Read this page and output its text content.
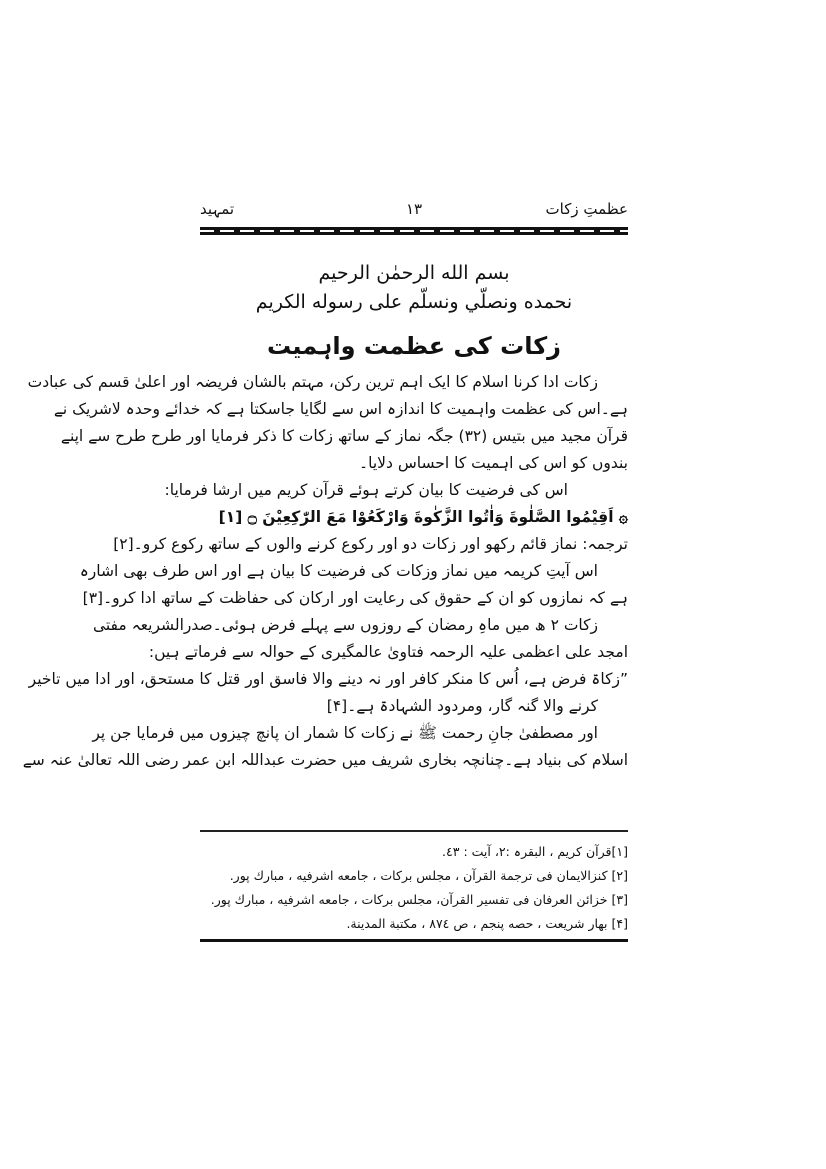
عظمتِ زکات
۱۳
تمہید
بسم الله الرحمٰن الرحيم
نحمده ونصلّي ونسلّم على رسوله الكريم
زکات کی عظمت واہمیت
زکات ادا کرنا اسلام کا ایک اہم ترین رکن، مہتم بالشان فریضہ اور اعلیٰ قسم کی عبادت
ہے۔اس کی عظمت واہمیت کا اندازہ اس سے لگایا جاسکتا ہے کہ خدائے وحدہ لاشریک نے
قرآن مجید میں بتیس (۳۲) جگہ نماز کے ساتھ زکات کا ذکر فرمایا اور طرح طرح سے اپنے
بندوں کو اس کی اہمیت کا احساس دلایا۔
اس کی فرضیت کا بیان کرتے ہوئے قرآن کریم میں ارشا فرمایا:
۞ اَقِيْمُوا الصَّلٰوةَ وَاٰتُوا الزَّكٰوةَ وَارْكَعُوْا مَعَ الرّٰكِعِيْنَ ۝ [۱]
ترجمہ: نماز قائم رکھو اور زکات دو اور رکوع کرنے والوں کے ساتھ رکوع کرو۔[۲]
اس آیتِ کریمہ میں نماز وزکات کی فرضیت کا بیان ہے اور اس طرف بھی اشارہ
ہے کہ نمازوں کو ان کے حقوق کی رعایت اور ارکان کی حفاظت کے ساتھ ادا کرو۔[۳]
زکات ۲ ھ میں ماہِ رمضان کے روزوں سے پہلے فرض ہوئی۔صدرالشریعہ مفتی
امجد علی اعظمی علیہ الرحمہ فتاویٰ عالمگیری کے حوالہ سے فرماتے ہیں:
”زکاۃ فرض ہے، اُس کا منکر کافر اور نہ دینے والا فاسق اور قتل کا مستحق، اور ادا میں تاخیر
کرنے والا گنہ گار، ومردود الشہادۃ ہے۔[۴]
اور مصطفیٰ جانِ رحمت ﷺ نے زکات کا شمار ان پانچ چیزوں میں فرمایا جن پر
اسلام کی بنیاد ہے۔چنانچہ بخاری شریف میں حضرت عبداللہ ابن عمر رضی اللہ تعالیٰ عنہ سے
[۱]قرآن کریم ، البقرہ :۲، آیت : ٤٣.
[۲] كنزالايمان فى ترجمة القرآن ، مجلس بركات ، جامعه اشرفيه ، مبارك پور.
[۳] خزائن العرفان فى تفسير القرآن، مجلس بركات ، جامعه اشرفيه ، مبارك پور.
[۴] بهار شريعت ، حصه پنجم ، ص ٨٧٤ ، مكتبة المدينة.
